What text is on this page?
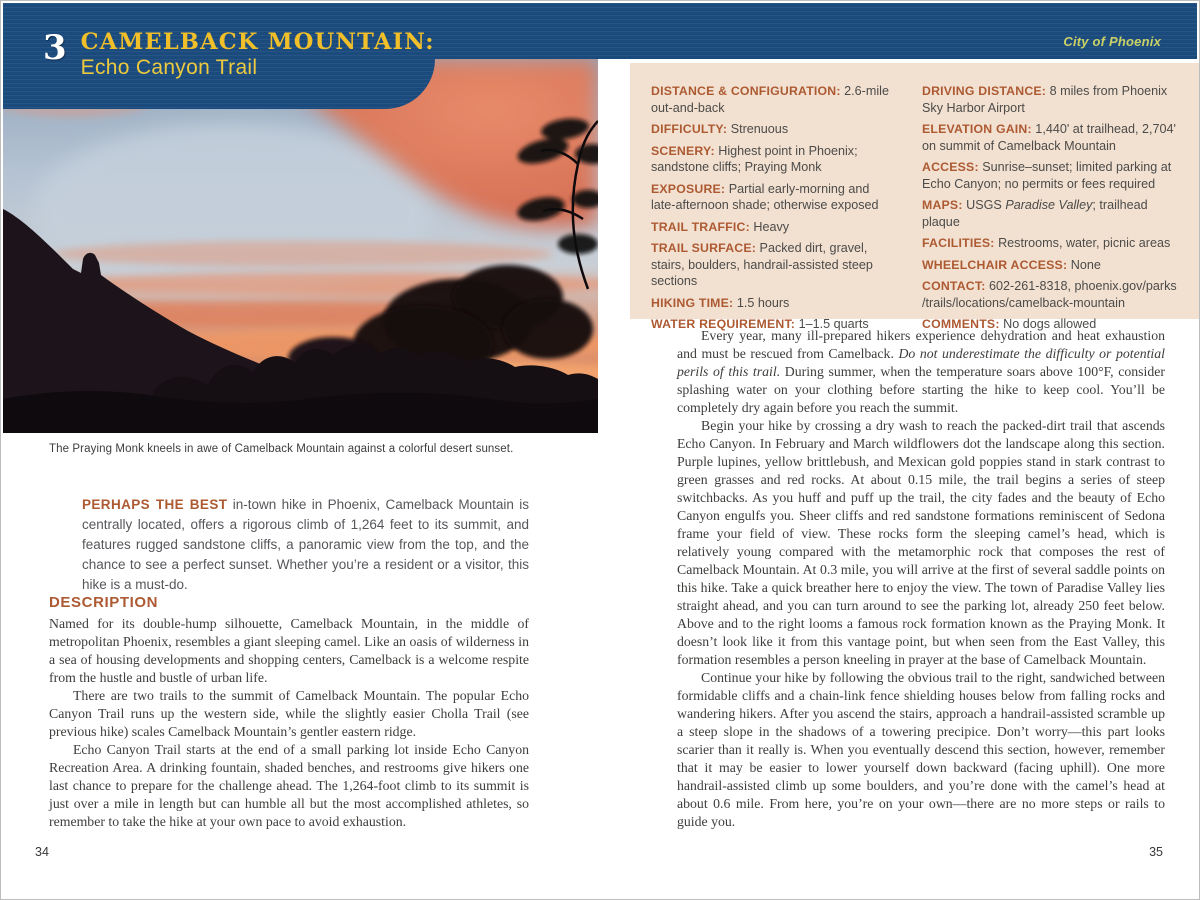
3 CAMELBACK MOUNTAIN:
Echo Canyon Trail
City of Phoenix
The Praying Monk kneels in awe of Camelback Mountain against a colorful desert sunset.
PERHAPS THE BEST in-town hike in Phoenix, Camelback Mountain is centrally located, offers a rigorous climb of 1,264 feet to its summit, and features rugged sandstone cliffs, a panoramic view from the top, and the chance to see a perfect sunset. Whether you’re a resident or a visitor, this hike is a must-do.
DESCRIPTION

Named for its double-hump silhouette, Camelback Mountain, in the middle of metropolitan Phoenix, resembles a giant sleeping camel. Like an oasis of wilderness in a sea of housing developments and shopping centers, Camelback is a welcome respite from the hustle and bustle of urban life.

There are two trails to the summit of Camelback Mountain. The popular Echo Canyon Trail runs up the western side, while the slightly easier Cholla Trail (see previous hike) scales Camelback Mountain’s gentler eastern ridge.

Echo Canyon Trail starts at the end of a small parking lot inside Echo Canyon Recreation Area. A drinking fountain, shaded benches, and restrooms give hikers one last chance to prepare for the challenge ahead. The 1,264-foot climb to its summit is just over a mile in length but can humble all but the most accomplished athletes, so remember to take the hike at your own pace to avoid exhaustion.

DISTANCE & CONFIGURATION: 2.6-mile out-and-back

DIFFICULTY: Strenuous

SCENERY: Highest point in Phoenix; sandstone cliffs; Praying Monk

EXPOSURE: Partial early-morning and late-afternoon shade; otherwise exposed

TRAIL TRAFFIC: Heavy

TRAIL SURFACE: Packed dirt, gravel, stairs, boulders, handrail-assisted steep sections

HIKING TIME: 1.5 hours

WATER REQUIREMENT: 1–1.5 quarts

DRIVING DISTANCE: 8 miles from Phoenix Sky Harbor Airport

ELEVATION GAIN: 1,440' at trailhead, 2,704' on summit of Camelback Mountain

ACCESS: Sunrise–sunset; limited parking at Echo Canyon; no permits or fees required

MAPS: USGS Paradise Valley; trailhead plaque

FACILITIES: Restrooms, water, picnic areas

WHEELCHAIR ACCESS: None

CONTACT: 602-261-8318, phoenix.gov/parks /trails/locations/camelback-mountain

COMMENTS: No dogs allowed

Every year, many ill-prepared hikers experience dehydration and heat exhaustion and must be rescued from Camelback. Do not underestimate the difficulty or potential perils of this trail. During summer, when the temperature soars above 100°F, consider splashing water on your clothing before starting the hike to keep cool. You’ll be completely dry again before you reach the summit.

Begin your hike by crossing a dry wash to reach the packed-dirt trail that ascends Echo Canyon. In February and March wildflowers dot the landscape along this section. Purple lupines, yellow brittlebush, and Mexican gold poppies stand in stark contrast to green grasses and red rocks. At about 0.15 mile, the trail begins a series of steep switchbacks. As you huff and puff up the trail, the city fades and the beauty of Echo Canyon engulfs you. Sheer cliffs and red sandstone formations reminiscent of Sedona frame your field of view. These rocks form the sleeping camel’s head, which is relatively young compared with the metamorphic rock that composes the rest of Camelback Mountain. At 0.3 mile, you will arrive at the first of several saddle points on this hike. Take a quick breather here to enjoy the view. The town of Paradise Valley lies straight ahead, and you can turn around to see the parking lot, already 250 feet below. Above and to the right looms a famous rock formation known as the Praying Monk. It doesn’t look like it from this vantage point, but when seen from the East Valley, this formation resembles a person kneeling in prayer at the base of Camelback Mountain.

Continue your hike by following the obvious trail to the right, sandwiched between formidable cliffs and a chain-link fence shielding houses below from falling rocks and wandering hikers. After you ascend the stairs, approach a handrail-assisted scramble up a steep slope in the shadows of a towering precipice. Don’t worry—this part looks scarier than it really is. When you eventually descend this section, however, remember that it may be easier to lower yourself down backward (facing uphill). One more handrail-assisted climb up some boulders, and you’re done with the camel’s head at about 0.6 mile. From here, you’re on your own—there are no more steps or rails to guide you.

34	35
